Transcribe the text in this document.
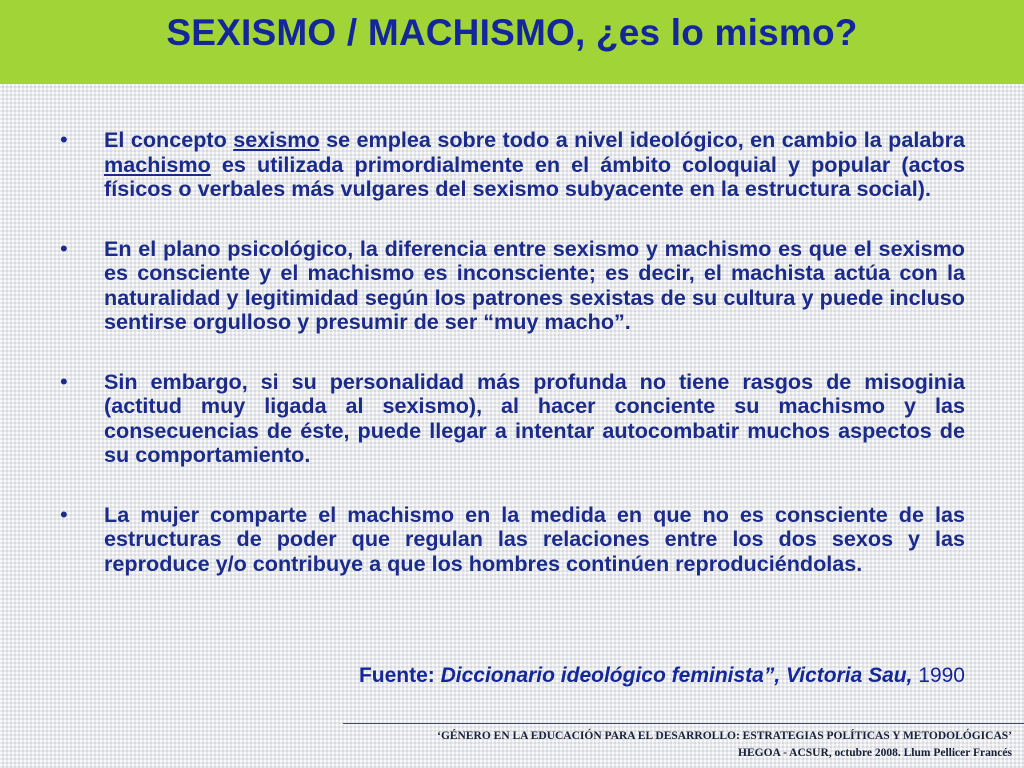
SEXISMO / MACHISMO, ¿es lo mismo?
• El concepto sexismo se emplea sobre todo a nivel ideológico, en cambio la palabra machismo es utilizada primordialmente en el ámbito coloquial y popular (actos físicos o verbales más vulgares del sexismo subyacente en la estructura social).
• En el plano psicológico, la diferencia entre sexismo y machismo es que el sexismo es consciente y el machismo es inconsciente; es decir, el machista actúa con la naturalidad y legitimidad según los patrones sexistas de su cultura y puede incluso sentirse orgulloso y presumir de ser “muy macho”.
• Sin embargo, si su personalidad más profunda no tiene rasgos de misoginia (actitud muy ligada al sexismo), al hacer conciente su machismo y las consecuencias de éste, puede llegar a intentar autocombatir muchos aspectos de su comportamiento.
• La mujer comparte el machismo en la medida en que no es consciente de las estructuras de poder que regulan las relaciones entre los dos sexos y las reproduce y/o contribuye a que los hombres continúen reproduciéndolas.
Fuente: Diccionario ideológico feminista”, Victoria Sau, 1990
‘GÉNERO EN LA EDUCACIÓN PARA EL DESARROLLO: ESTRATEGIAS POLÍTICAS Y METODOLÓGICAS’
HEGOA - ACSUR, octubre 2008. Llum Pellicer Francés
